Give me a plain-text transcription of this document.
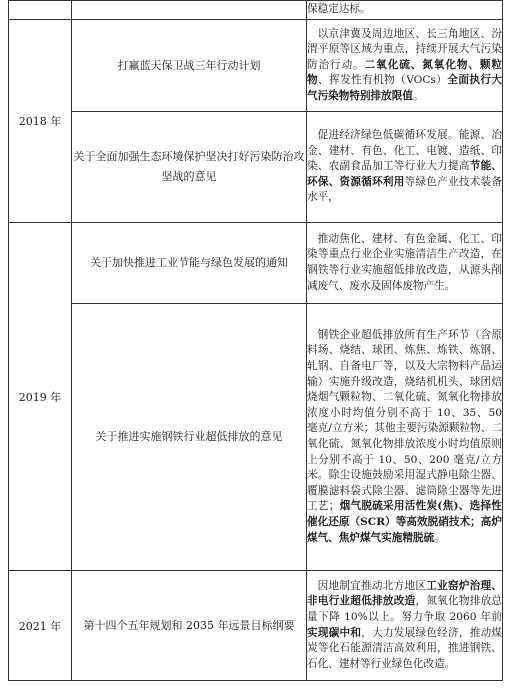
		保稳定达标。
2018 年	打赢蓝天保卫战三年行动计划	以京津冀及周边地区、长三角地区、汾渭平原等区域为重点，持续开展大气污染防治行动。二氧化硫、氮氧化物、颗粒物、挥发性有机物（VOCs）全面执行大气污染物特别排放限值。
	关于全面加强生态环境保护坚决打好污染防治攻坚战的意见	促进经济绿色低碳循环发展。能源、冶金、建材、有色、化工、电镀、造纸、印染、农副食品加工等行业大力提高节能、环保、资源循环利用等绿色产业技术装备水平，
2019 年	关于加快推进工业节能与绿色发展的通知	推动焦化、建材、有色金属、化工、印染等重点行业企业实施清洁生产改造，在钢铁等行业实施超低排放改造，从源头削减废气、废水及固体废物产生。
	关于推进实施钢铁行业超低排放的意见	钢铁企业超低排放所有生产环节（含原料场、烧结、球团、炼焦、炼铁、炼钢、轧钢、自备电厂等，以及大宗物料产品运输）实施升级改造，烧结机机头、球团焙烧烟气颗粒物、二氧化硫、氮氧化物排放浓度小时均值分别不高于 10、35、50 毫克/立方米；其他主要污染源颗粒物、二氧化硫、氮氧化物排放浓度小时均值原则上分别不高于 10、50、200 毫克/立方米。除尘设施鼓励采用湿式静电除尘器、覆膜滤料袋式除尘器、滤筒除尘器等先进工艺；烟气脱硫采用活性炭(焦)、选择性催化还原（SCR）等高效脱硝技术；高炉煤气、焦炉煤气实施精脱硫。
2021 年	第十四个五年规划和 2035 年远景目标纲要	因地制宜推动北方地区工业窑炉治理、非电行业超低排放改造，氮氧化物排放总量下降 10%以上。努力争取 2060 年前实现碳中和，大力发展绿色经济，推动煤炭等化石能源清洁高效利用，推进钢铁、石化、建材等行业绿色化改造。
